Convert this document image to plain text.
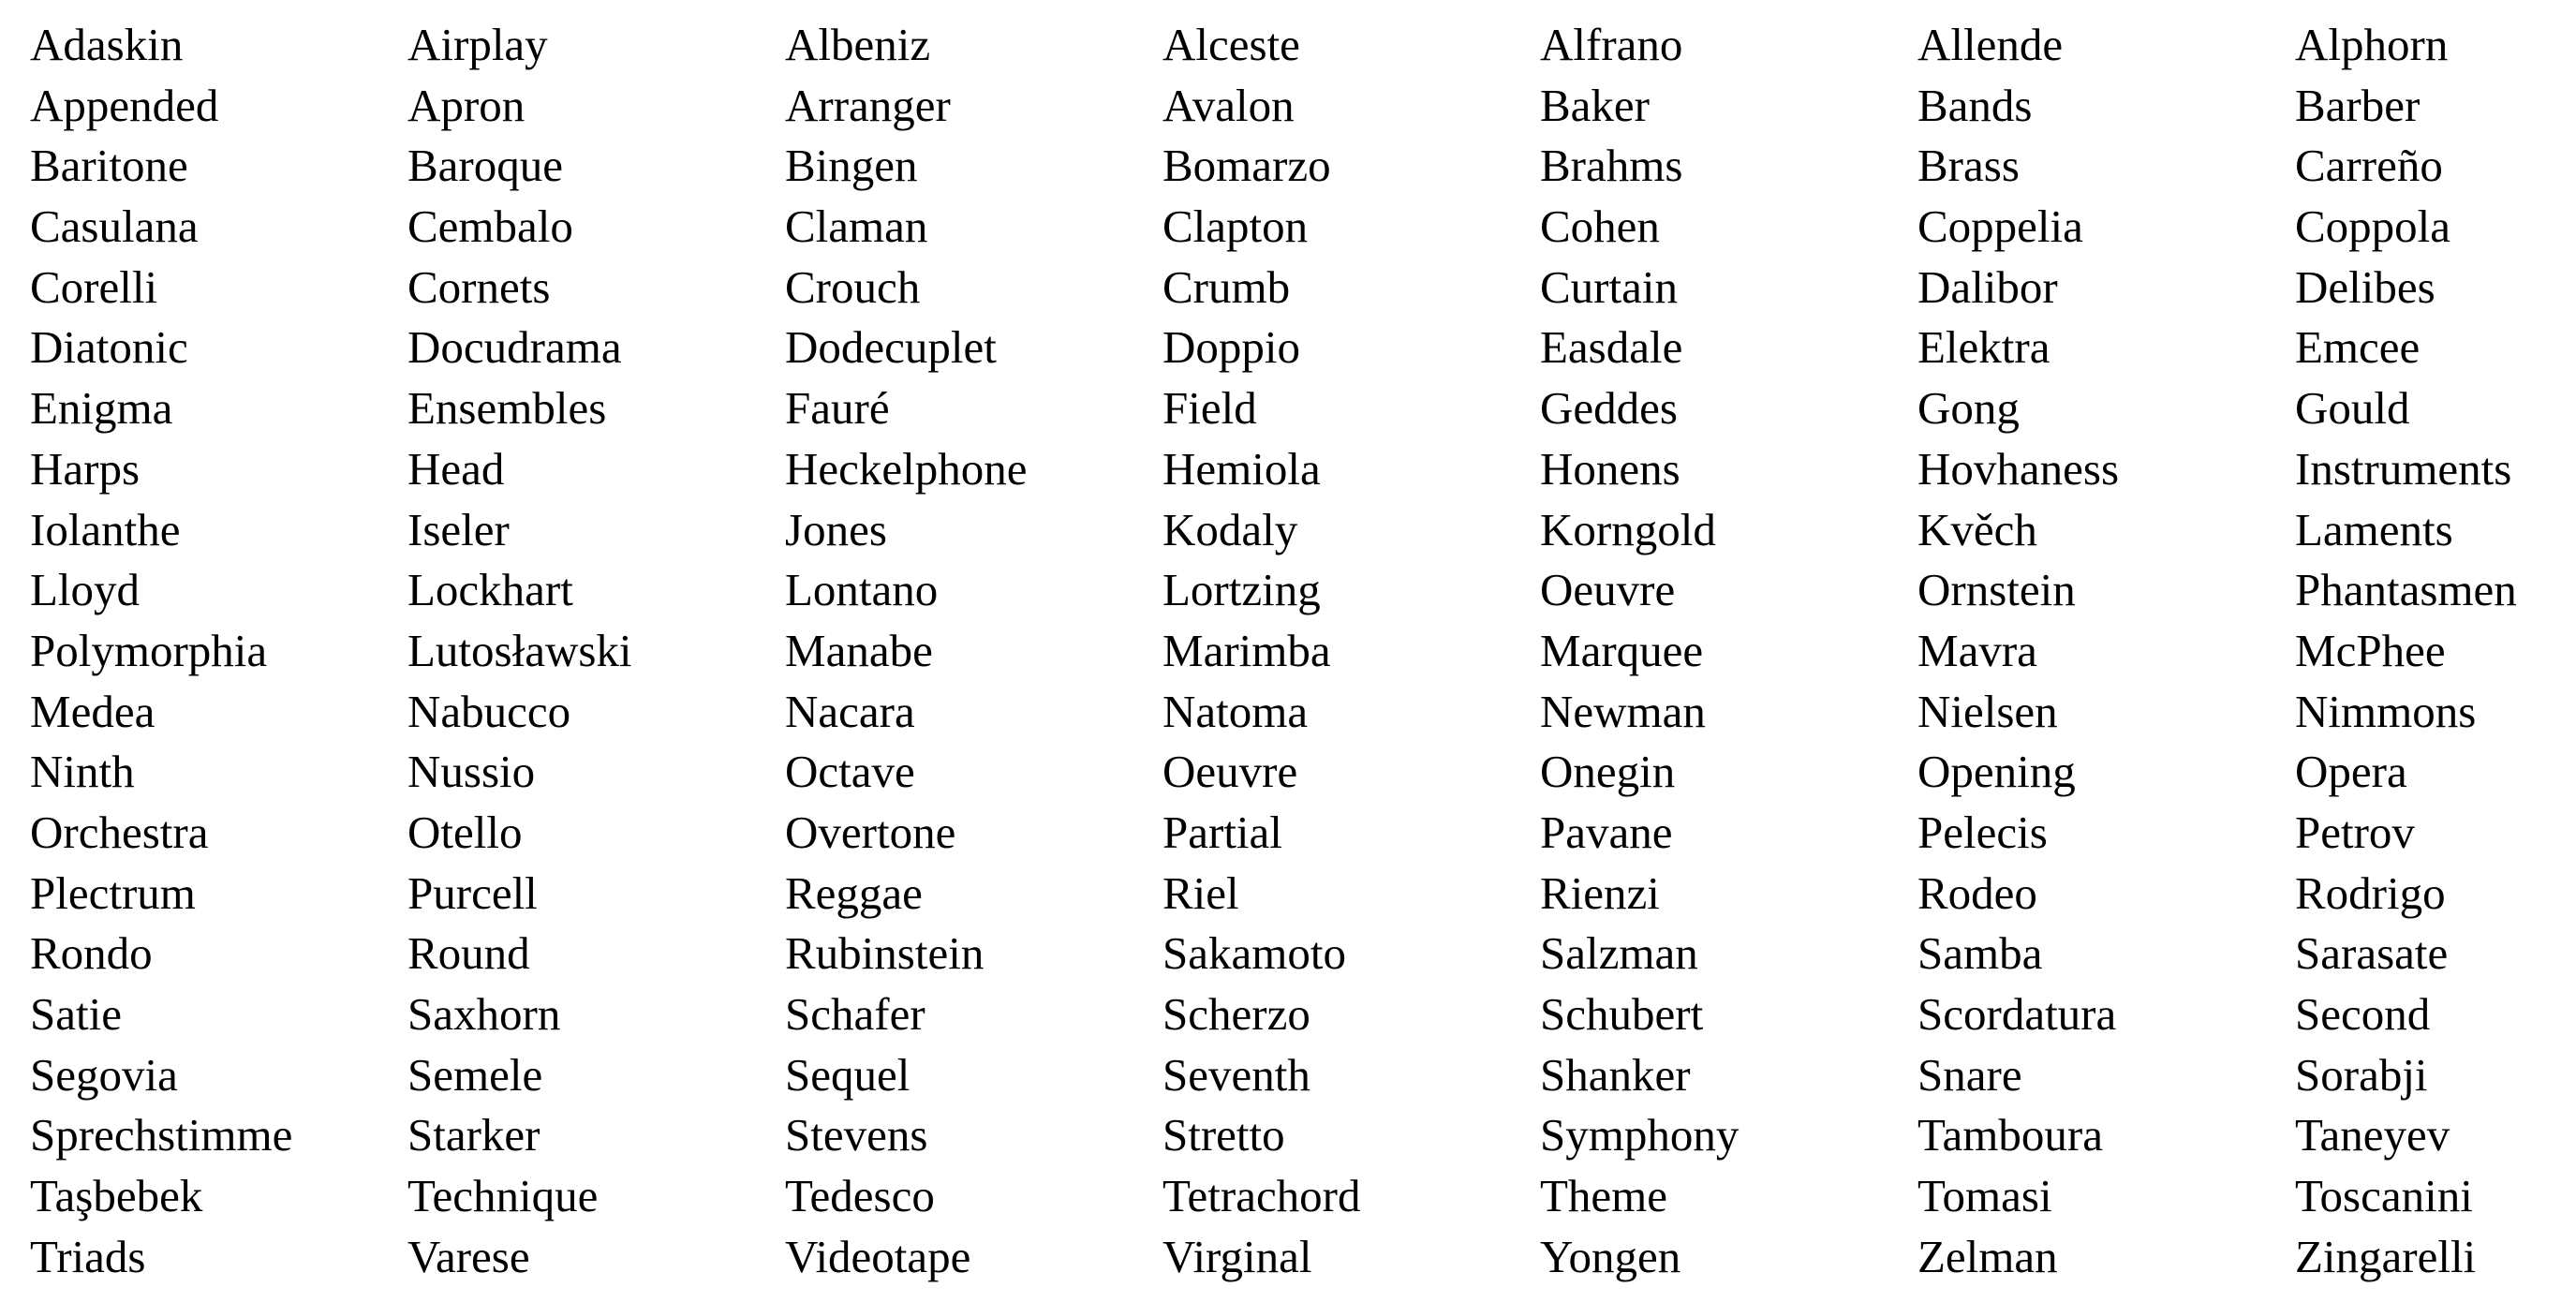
Adaskin	Airplay	Albeniz	Alceste	Alfrano	Allende	Alphorn
Appended	Apron	Arranger	Avalon	Baker	Bands	Barber
Baritone	Baroque	Bingen	Bomarzo	Brahms	Brass	Carreño
Casulana	Cembalo	Claman	Clapton	Cohen	Coppelia	Coppola
Corelli	Cornets	Crouch	Crumb	Curtain	Dalibor	Delibes
Diatonic	Docudrama	Dodecuplet	Doppio	Easdale	Elektra	Emcee
Enigma	Ensembles	Fauré	Field	Geddes	Gong	Gould
Harps	Head	Heckelphone	Hemiola	Honens	Hovhaness	Instruments
Iolanthe	Iseler	Jones	Kodaly	Korngold	Kvěch	Laments
Lloyd	Lockhart	Lontano	Lortzing	Oeuvre	Ornstein	Phantasmen
Polymorphia	Lutosławski	Manabe	Marimba	Marquee	Mavra	McPhee
Medea	Nabucco	Nacara	Natoma	Newman	Nielsen	Nimmons
Ninth	Nussio	Octave	Oeuvre	Onegin	Opening	Opera
Orchestra	Otello	Overtone	Partial	Pavane	Pelecis	Petrov
Plectrum	Purcell	Reggae	Riel	Rienzi	Rodeo	Rodrigo
Rondo	Round	Rubinstein	Sakamoto	Salzman	Samba	Sarasate
Satie	Saxhorn	Schafer	Scherzo	Schubert	Scordatura	Second
Segovia	Semele	Sequel	Seventh	Shanker	Snare	Sorabji
Sprechstimme	Starker	Stevens	Stretto	Symphony	Tamboura	Taneyev
Taşbebek	Technique	Tedesco	Tetrachord	Theme	Tomasi	Toscanini
Triads	Varese	Videotape	Virginal	Yongen	Zelman	Zingarelli
